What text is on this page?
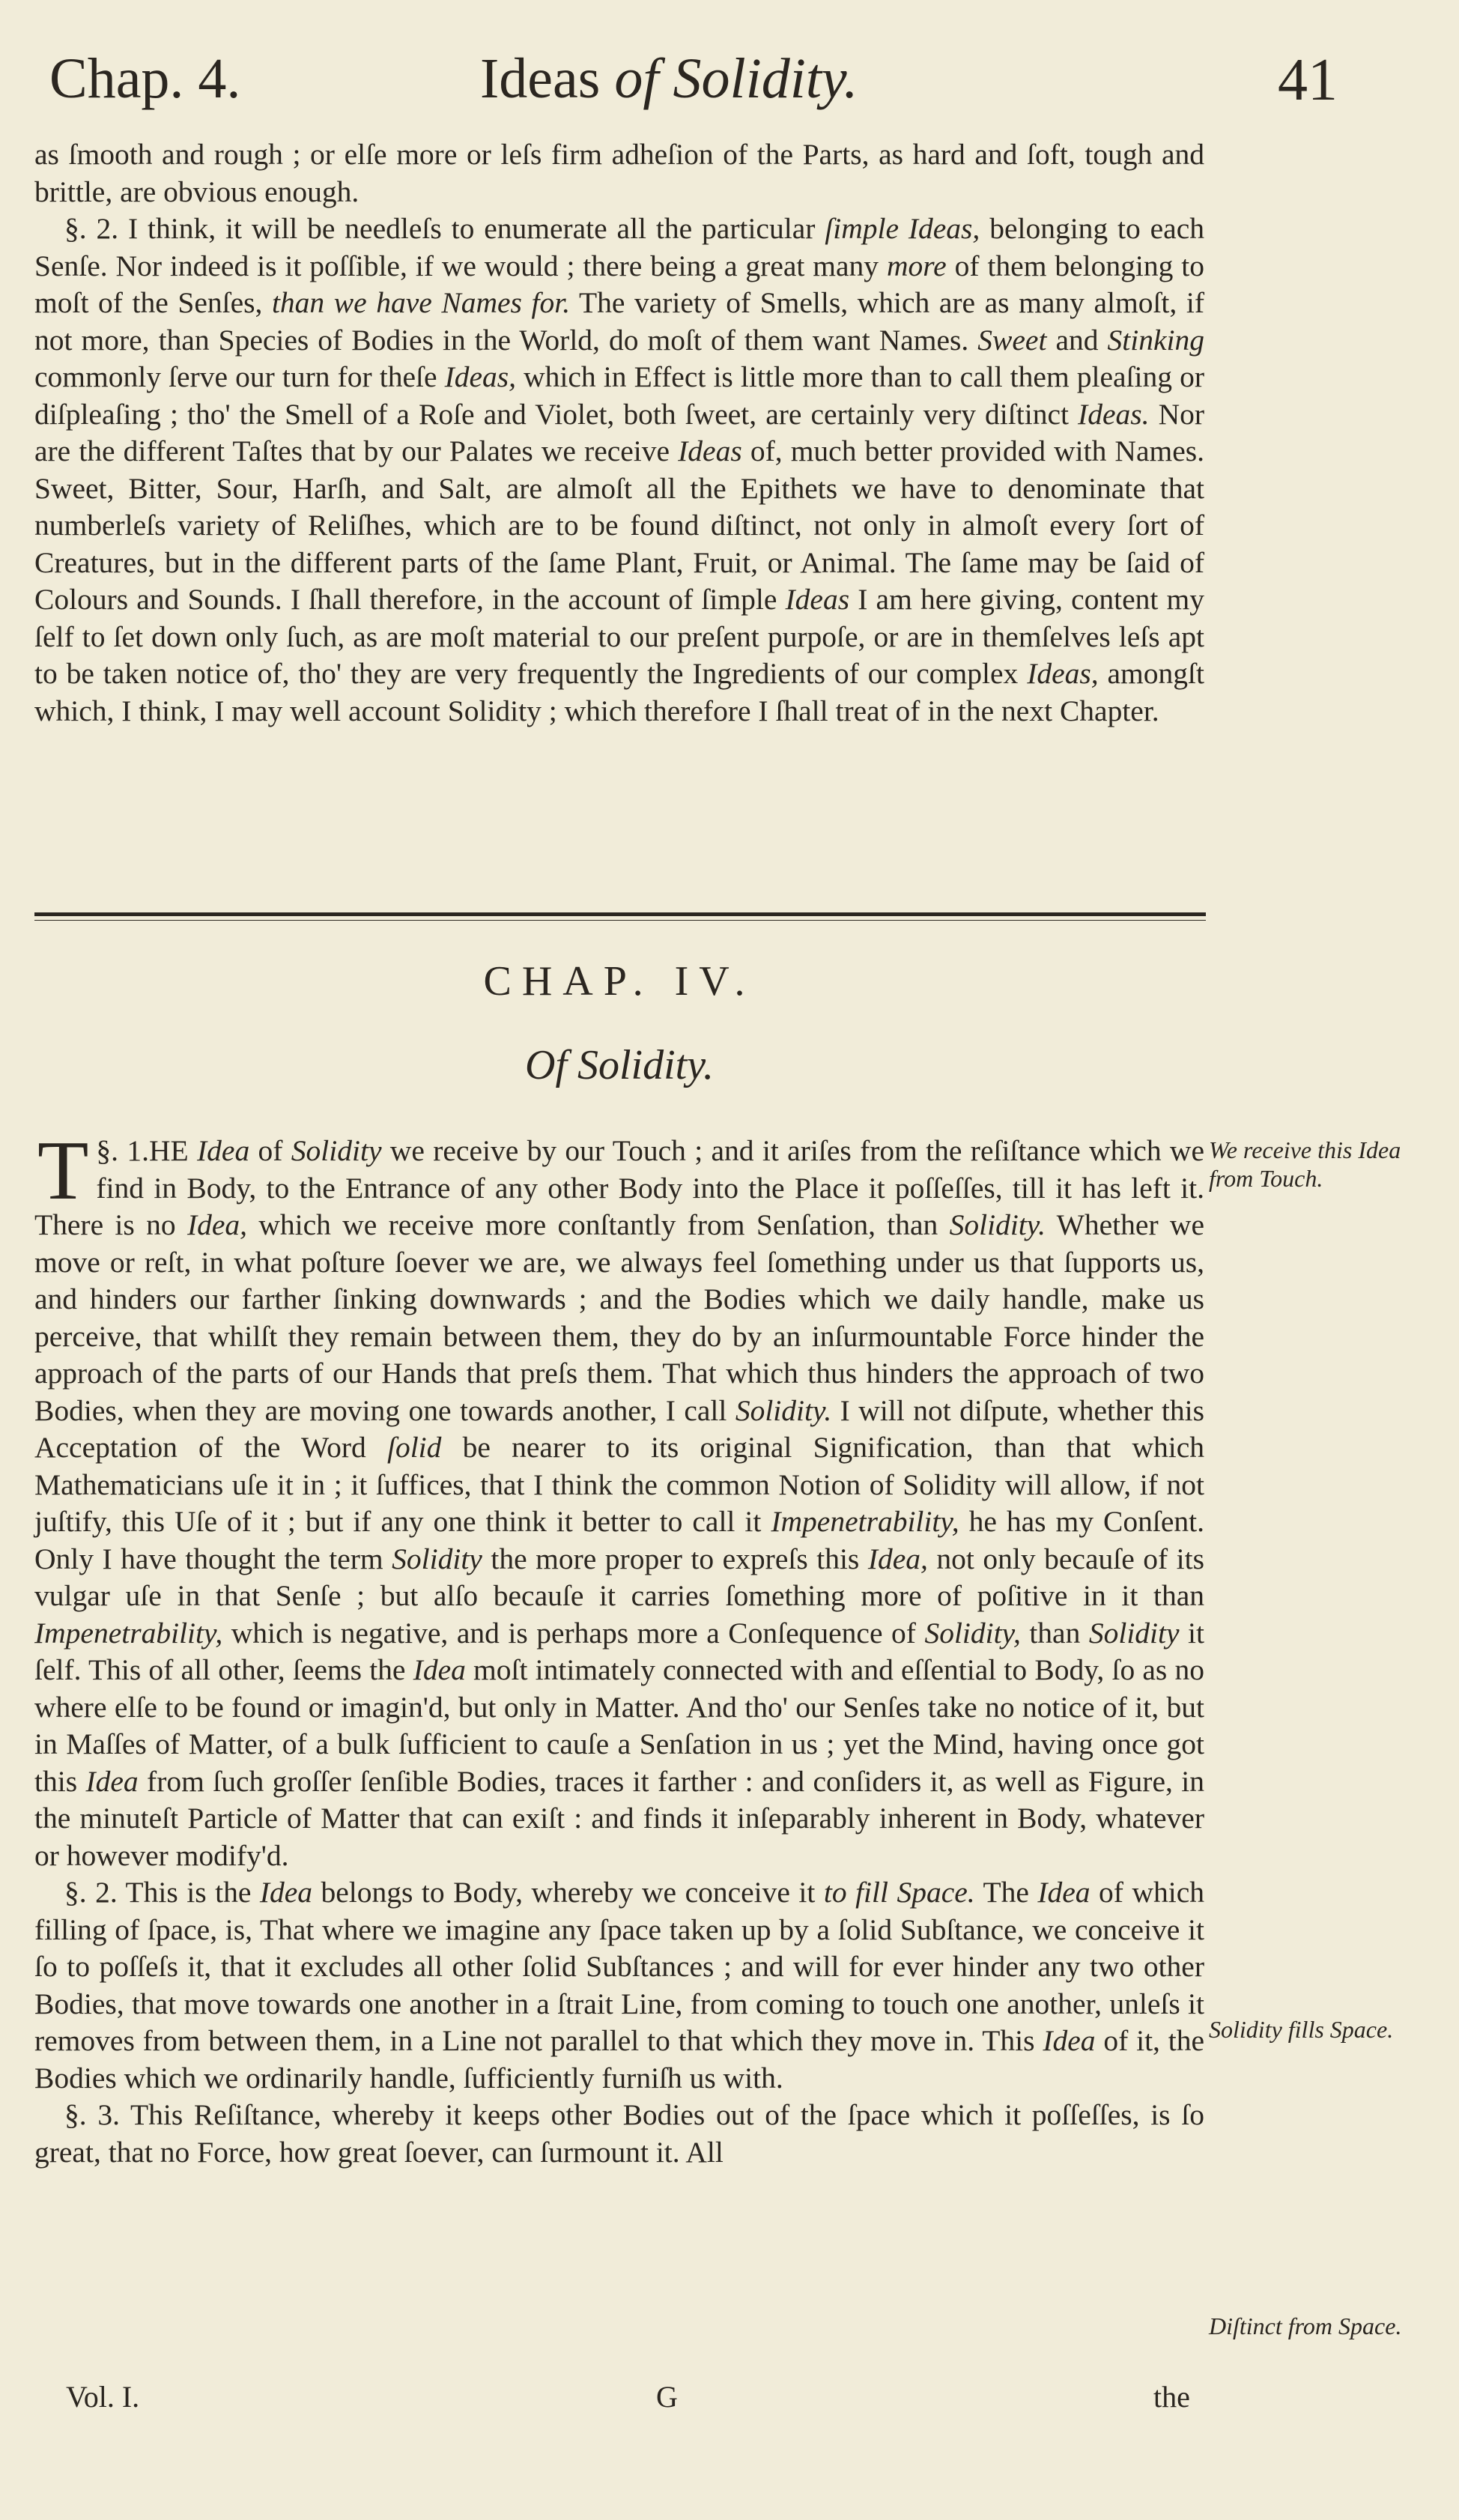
Chap. 4.	Ideas of Solidity.	41

as ſmooth and rough ; or elſe more or leſs firm adheſion of the Parts, as hard and ſoft, tough and brittle, are obvious enough.

§. 2. I think, it will be needleſs to enumerate all the particular ſimple Ideas, belonging to each Senſe. Nor indeed is it poſſible, if we would ; there being a great many more of them belonging to moſt of the Senſes, than we have Names for. The variety of Smells, which are as many almoſt, if not more, than Species of Bodies in the World, do moſt of them want Names. Sweet and Stinking commonly ſerve our turn for theſe Ideas, which in Effect is little more than to call them pleaſing or diſpleaſing ; tho' the Smell of a Roſe and Violet, both ſweet, are certainly very diſtinct Ideas. Nor are the different Taſtes that by our Palates we receive Ideas of, much better provided with Names. Sweet, Bitter, Sour, Harſh, and Salt, are almoſt all the Epithets we have to denominate that numberleſs variety of Reliſhes, which are to be found diſtinct, not only in almoſt every ſort of Creatures, but in the different parts of the ſame Plant, Fruit, or Animal. The ſame may be ſaid of Colours and Sounds. I ſhall therefore, in the account of ſimple Ideas I am here giving, content my ſelf to ſet down only ſuch, as are moſt material to our preſent purpoſe, or are in themſelves leſs apt to be taken notice of, tho' they are very frequently the Ingredients of our complex Ideas, amongſt which, I think, I may well account Solidity ; which therefore I ſhall treat of in the next Chapter.

CHAP. IV.
Of Solidity.

§. 1.
T HE Idea of Solidity we receive by our Touch ; and it ariſes from the reſiſtance which we find in Body, to the Entrance of any other Body into the Place it poſſeſſes, till it has left it. There is no Idea, which we receive more conſtantly from Senſation, than Solidity. Whether we move or reſt, in what poſture ſoever we are, we always feel ſomething under us that ſupports us, and hinders our farther ſinking downwards ; and the Bodies which we daily handle, make us perceive, that whilſt they remain between them, they do by an inſurmountable Force hinder the approach of the parts of our Hands that preſs them. That which thus hinders the approach of two Bodies, when they are moving one towards another, I call Solidity. I will not diſpute, whether this Acceptation of the Word ſolid be nearer to its original Signification, than that which Mathematicians uſe it in ; it ſuffices, that I think the common Notion of Solidity will allow, if not juſtify, this Uſe of it ; but if any one think it better to call it Impenetrability, he has my Conſent. Only I have thought the term Solidity the more proper to expreſs this Idea, not only becauſe of its vulgar uſe in that Senſe ; but alſo becauſe it carries ſomething more of poſitive in it than Impenetrability, which is negative, and is perhaps more a Conſequence of Solidity, than Solidity it ſelf. This of all other, ſeems the Idea moſt intimately connected with and eſſential to Body, ſo as no where elſe to be found or imagin'd, but only in Matter. And tho' our Senſes take no notice of it, but in Maſſes of Matter, of a bulk ſufficient to cauſe a Senſation in us ; yet the Mind, having once got this Idea from ſuch groſſer ſenſible Bodies, traces it farther : and conſiders it, as well as Figure, in the minuteſt Particle of Matter that can exiſt : and finds it inſeparably inherent in Body, whatever or however modify'd.

§. 2. This is the Idea belongs to Body, whereby we conceive it to fill Space. The Idea of which filling of ſpace, is, That where we imagine any ſpace taken up by a ſolid Subſtance, we conceive it ſo to poſſeſs it, that it excludes all other ſolid Subſtances ; and will for ever hinder any two other Bodies, that move towards one another in a ſtrait Line, from coming to touch one another, unleſs it removes from between them, in a Line not parallel to that which they move in. This Idea of it, the Bodies which we ordinarily handle, ſufficiently furniſh us with.

§. 3. This Reſiſtance, whereby it keeps other Bodies out of the ſpace which it poſſeſſes, is ſo great, that no Force, how great ſoever, can ſurmount it. All

We receive this Idea from Touch.
Solidity fills Space.
Diſtinct from Space.
Vol. I.	G	the
